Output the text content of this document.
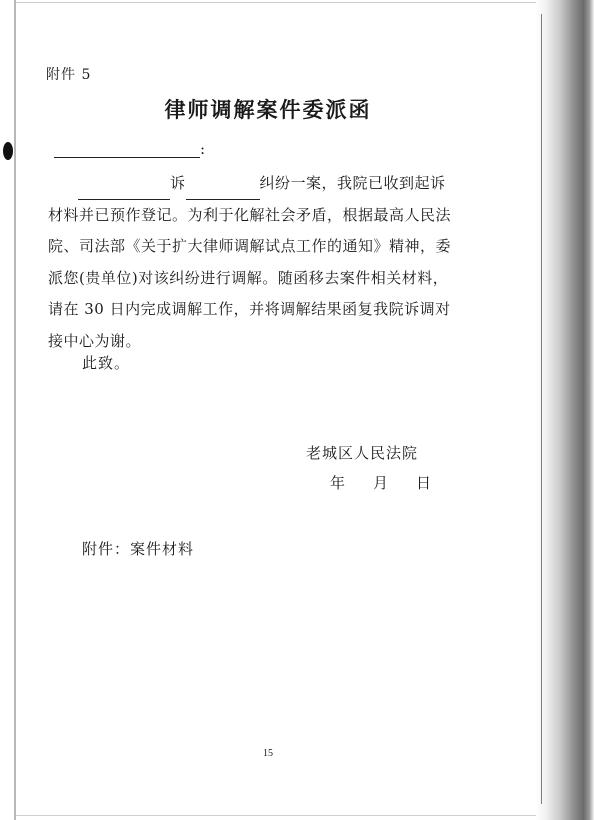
附件 5
律师调解案件委派函
:
诉	纠纷一案，我院已收到起诉
材料并已预作登记。为利于化解社会矛盾，根据最高人民法
院、司法部《关于扩大律师调解试点工作的通知》精神，委
派您(贵单位)对该纠纷进行调解。随函移去案件相关材料，
请在 30 日内完成调解工作，并将调解结果函复我院诉调对
接中心为谢。
此致。
老城区人民法院
年 月 日
附件：案件材料
15
